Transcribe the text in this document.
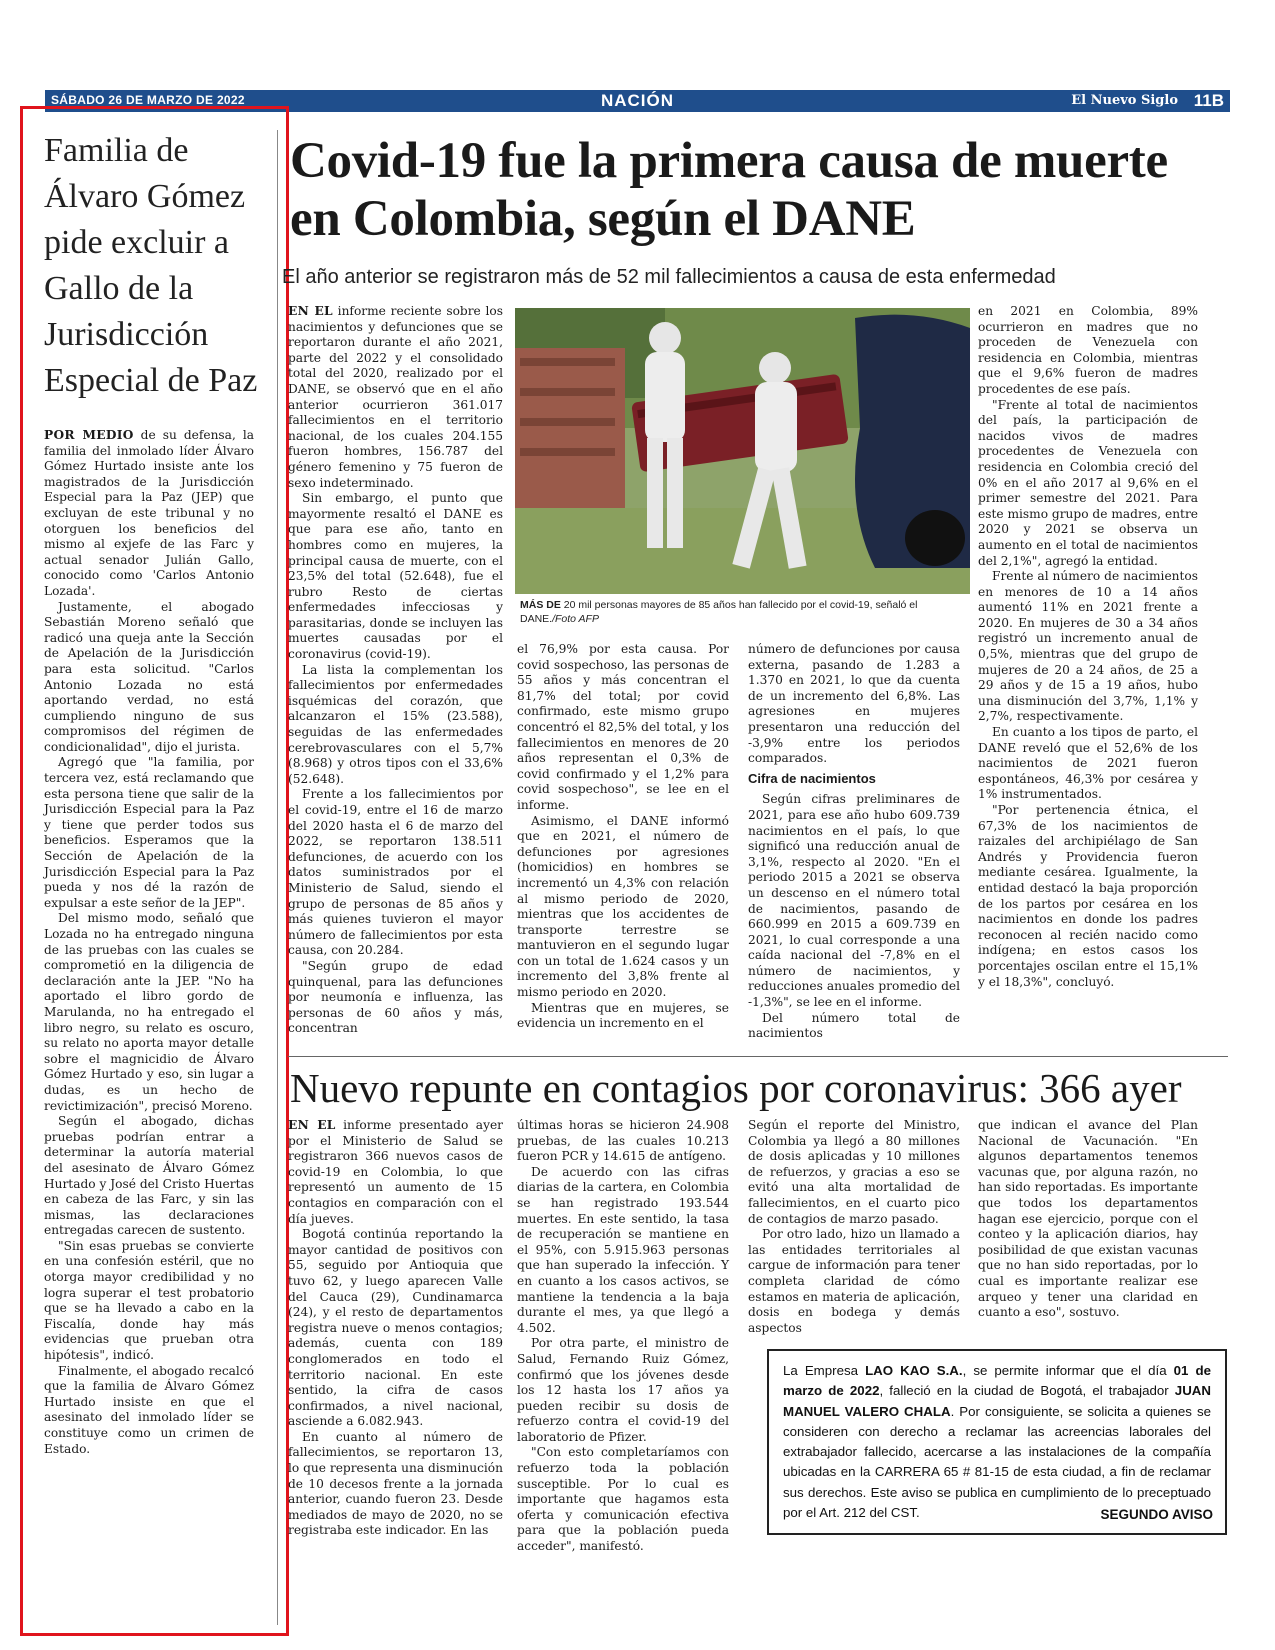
SÁBADO 26 DE MARZO DE 2022	NACIÓN	El Nuevo Siglo 11B
Familia de Álvaro Gómez pide excluir a Gallo de la Jurisdicción Especial de Paz

POR MEDIO de su defensa, la familia del inmolado líder Álvaro Gómez Hurtado insiste ante los magistrados de la Jurisdicción Especial para la Paz (JEP) que excluyan de este tribunal y no otorguen los beneficios del mismo al exjefe de las Farc y actual senador Julián Gallo, conocido como 'Carlos Antonio Lozada'.

Justamente, el abogado Sebastián Moreno señaló que radicó una queja ante la Sección de Apelación de la Jurisdicción para esta solicitud. "Carlos Antonio Lozada no está aportando verdad, no está cumpliendo ninguno de sus compromisos del régimen de condicionalidad", dijo el jurista.

Agregó que "la familia, por tercera vez, está reclamando que esta persona tiene que salir de la Jurisdicción Especial para la Paz y tiene que perder todos sus beneficios. Esperamos que la Sección de Apelación de la Jurisdicción Especial para la Paz pueda y nos dé la razón de expulsar a este señor de la JEP".

Del mismo modo, señaló que Lozada no ha entregado ninguna de las pruebas con las cuales se comprometió en la diligencia de declaración ante la JEP. "No ha aportado el libro gordo de Marulanda, no ha entregado el libro negro, su relato es oscuro, su relato no aporta mayor detalle sobre el magnicidio de Álvaro Gómez Hurtado y eso, sin lugar a dudas, es un hecho de revictimización", precisó Moreno.

Según el abogado, dichas pruebas podrían entrar a determinar la autoría material del asesinato de Álvaro Gómez Hurtado y José del Cristo Huertas en cabeza de las Farc, y sin las mismas, las declaraciones entregadas carecen de sustento.

"Sin esas pruebas se convierte en una confesión estéril, que no otorga mayor credibilidad y no logra superar el test probatorio que se ha llevado a cabo en la Fiscalía, donde hay más evidencias que prueban otra hipótesis", indicó.

Finalmente, el abogado recalcó que la familia de Álvaro Gómez Hurtado insiste en que el asesinato del inmolado líder se constituye como un crimen de Estado.

Covid-19 fue la primera causa de muerte en Colombia, según el DANE
El año anterior se registraron más de 52 mil fallecimientos a causa de esta enfermedad

EN EL informe reciente sobre los nacimientos y defunciones que se reportaron durante el año 2021, parte del 2022 y el consolidado total del 2020, realizado por el DANE, se observó que en el año anterior ocurrieron 361.017 fallecimientos en el territorio nacional, de los cuales 204.155 fueron hombres, 156.787 del género femenino y 75 fueron de sexo indeterminado.

Sin embargo, el punto que mayormente resaltó el DANE es que para ese año, tanto en hombres como en mujeres, la principal causa de muerte, con el 23,5% del total (52.648), fue el rubro Resto de ciertas enfermedades infecciosas y parasitarias, donde se incluyen las muertes causadas por el coronavirus (covid-19).

La lista la complementan los fallecimientos por enfermedades isquémicas del corazón, que alcanzaron el 15% (23.588), seguidas de las enfermedades cerebrovasculares con el 5,7% (8.968) y otros tipos con el 33,6% (52.648).

Frente a los fallecimientos por el covid-19, entre el 16 de marzo del 2020 hasta el 6 de marzo del 2022, se reportaron 138.511 defunciones, de acuerdo con los datos suministrados por el Ministerio de Salud, siendo el grupo de personas de 85 años y más quienes tuvieron el mayor número de fallecimientos por esta causa, con 20.284.

"Según grupo de edad quinquenal, para las defunciones por neumonía e influenza, las personas de 60 años y más, concentran

MÁS DE 20 mil personas mayores de 85 años han fallecido por el covid-19, señaló el DANE./Foto AFP

el 76,9% por esta causa. Por covid sospechoso, las personas de 55 años y más concentran el 81,7% del total; por covid confirmado, este mismo grupo concentró el 82,5% del total, y los fallecimientos en menores de 20 años representan el 0,3% de covid confirmado y el 1,2% para covid sospechoso", se lee en el informe.

Asimismo, el DANE informó que en 2021, el número de defunciones por agresiones (homicidios) en hombres se incrementó un 4,3% con relación al mismo periodo de 2020, mientras que los accidentes de transporte terrestre se mantuvieron en el segundo lugar con un total de 1.624 casos y un incremento del 3,8% frente al mismo periodo en 2020.

Mientras que en mujeres, se evidencia un incremento en el

número de defunciones por causa externa, pasando de 1.283 a 1.370 en 2021, lo que da cuenta de un incremento del 6,8%. Las agresiones en mujeres presentaron una reducción del -3,9% entre los periodos comparados.

Cifra de nacimientos

Según cifras preliminares de 2021, para ese año hubo 609.739 nacimientos en el país, lo que significó una reducción anual de 3,1%, respecto al 2020. "En el periodo 2015 a 2021 se observa un descenso en el número total de nacimientos, pasando de 660.999 en 2015 a 609.739 en 2021, lo cual corresponde a una caída nacional del -7,8% en el número de nacimientos, y reducciones anuales promedio del -1,3%", se lee en el informe.

Del número total de nacimientos

en 2021 en Colombia, 89% ocurrieron en madres que no proceden de Venezuela con residencia en Colombia, mientras que el 9,6% fueron de madres procedentes de ese país.

"Frente al total de nacimientos del país, la participación de nacidos vivos de madres procedentes de Venezuela con residencia en Colombia creció del 0% en el año 2017 al 9,6% en el primer semestre del 2021. Para este mismo grupo de madres, entre 2020 y 2021 se observa un aumento en el total de nacimientos del 2,1%", agregó la entidad.

Frente al número de nacimientos en menores de 10 a 14 años aumentó 11% en 2021 frente a 2020. En mujeres de 30 a 34 años registró un incremento anual de 0,5%, mientras que del grupo de mujeres de 20 a 24 años, de 25 a 29 años y de 15 a 19 años, hubo una disminución del 3,7%, 1,1% y 2,7%, respectivamente.

En cuanto a los tipos de parto, el DANE reveló que el 52,6% de los nacimientos de 2021 fueron espontáneos, 46,3% por cesárea y 1% instrumentados.

"Por pertenencia étnica, el 67,3% de los nacimientos de raizales del archipiélago de San Andrés y Providencia fueron mediante cesárea. Igualmente, la entidad destacó la baja proporción de los partos por cesárea en los nacimientos en donde los padres reconocen al recién nacido como indígena; en estos casos los porcentajes oscilan entre el 15,1% y el 18,3%", concluyó.

Nuevo repunte en contagios por coronavirus: 366 ayer

EN EL informe presentado ayer por el Ministerio de Salud se registraron 366 nuevos casos de covid-19 en Colombia, lo que representó un aumento de 15 contagios en comparación con el día jueves.

Bogotá continúa reportando la mayor cantidad de positivos con 55, seguido por Antioquia que tuvo 62, y luego aparecen Valle del Cauca (29), Cundinamarca (24), y el resto de departamentos registra nueve o menos contagios; además, cuenta con 189 conglomerados en todo el territorio nacional. En este sentido, la cifra de casos confirmados, a nivel nacional, asciende a 6.082.943.

En cuanto al número de fallecimientos, se reportaron 13, lo que representa una disminución de 10 decesos frente a la jornada anterior, cuando fueron 23. Desde mediados de mayo de 2020, no se registraba este indicador. En las

últimas horas se hicieron 24.908 pruebas, de las cuales 10.213 fueron PCR y 14.615 de antígeno.

De acuerdo con las cifras diarias de la cartera, en Colombia se han registrado 193.544 muertes. En este sentido, la tasa de recuperación se mantiene en el 95%, con 5.915.963 personas que han superado la infección. Y en cuanto a los casos activos, se mantiene la tendencia a la baja durante el mes, ya que llegó a 4.502.

Por otra parte, el ministro de Salud, Fernando Ruiz Gómez, confirmó que los jóvenes desde los 12 hasta los 17 años ya pueden recibir su dosis de refuerzo contra el covid-19 del laboratorio de Pfizer.

"Con esto completaríamos con refuerzo toda la población susceptible. Por lo cual es importante que hagamos esta oferta y comunicación efectiva para que la población pueda acceder", manifestó.

Según el reporte del Ministro, Colombia ya llegó a 80 millones de dosis aplicadas y 10 millones de refuerzos, y gracias a eso se evitó una alta mortalidad de fallecimientos, en el cuarto pico de contagios de marzo pasado.

Por otro lado, hizo un llamado a las entidades territoriales al cargue de información para tener completa claridad de cómo estamos en materia de aplicación, dosis en bodega y demás aspectos

que indican el avance del Plan Nacional de Vacunación. "En algunos departamentos tenemos vacunas que, por alguna razón, no han sido reportadas. Es importante que todos los departamentos hagan ese ejercicio, porque con el conteo y la aplicación diarios, hay posibilidad de que existan vacunas que no han sido reportadas, por lo cual es importante realizar ese arqueo y tener una claridad en cuanto a eso", sostuvo.

La Empresa LAO KAO S.A., se permite informar que el día 01 de marzo de 2022, falleció en la ciudad de Bogotá, el trabajador JUAN MANUEL VALERO CHALA. Por consiguiente, se solicita a quienes se consideren con derecho a reclamar las acreencias laborales del extrabajador fallecido, acercarse a las instalaciones de la compañía ubicadas en la CARRERA 65 # 81-15 de esta ciudad, a fin de reclamar sus derechos. Este aviso se publica en cumplimiento de lo preceptuado por el Art. 212 del CST.	SEGUNDO AVISO
